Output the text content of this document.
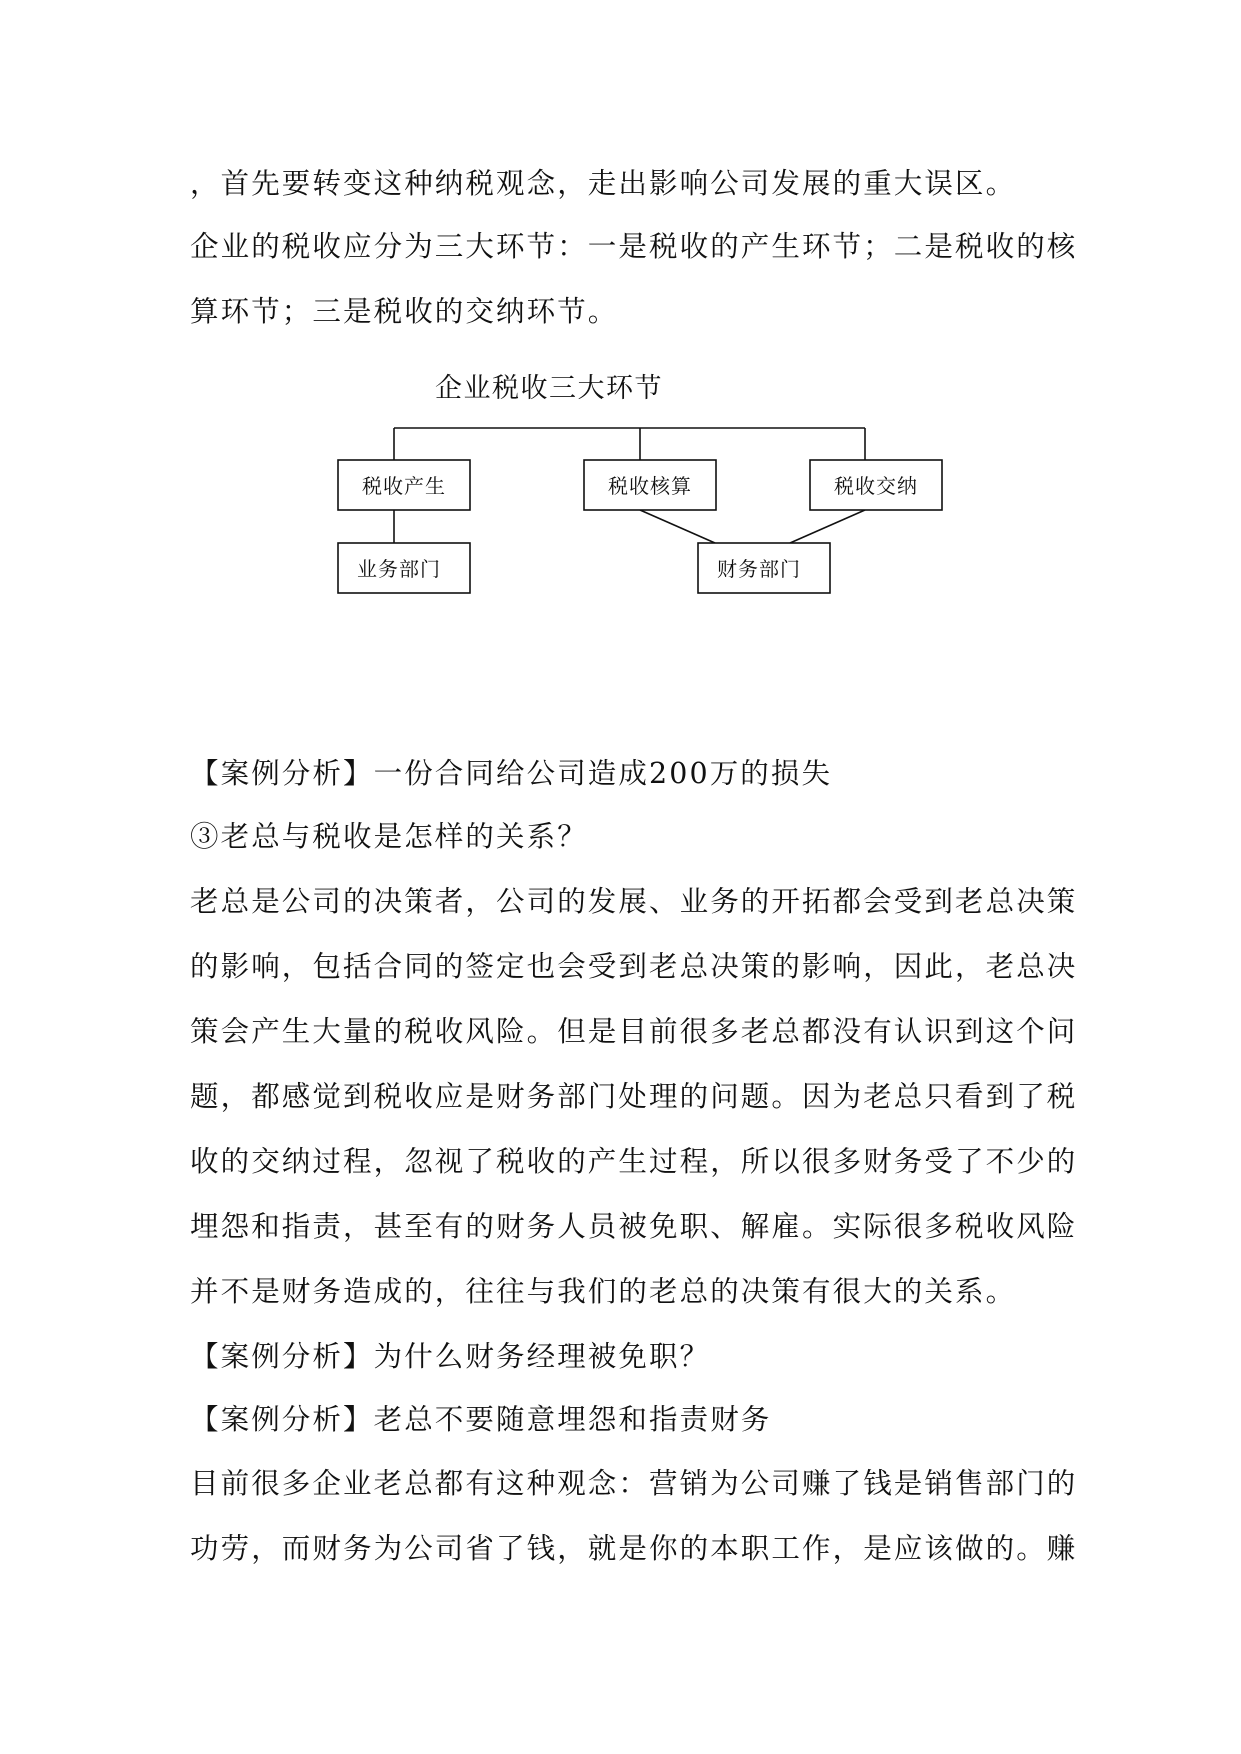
，首先要转变这种纳税观念，走出影响公司发展的重大误区。
企业的税收应分为三大环节：一是税收的产生环节；二是税收的核
算环节；三是税收的交纳环节。
企业税收三大环节
税收产生	税收核算	税收交纳
业务部门	财务部门
【案例分析】一份合同给公司造成200万的损失
③老总与税收是怎样的关系？
老总是公司的决策者，公司的发展、业务的开拓都会受到老总决策
的影响，包括合同的签定也会受到老总决策的影响，因此，老总决
策会产生大量的税收风险。但是目前很多老总都没有认识到这个问
题，都感觉到税收应是财务部门处理的问题。因为老总只看到了税
收的交纳过程，忽视了税收的产生过程，所以很多财务受了不少的
埋怨和指责，甚至有的财务人员被免职、解雇。实际很多税收风险
并不是财务造成的，往往与我们的老总的决策有很大的关系。
【案例分析】为什么财务经理被免职？
【案例分析】老总不要随意埋怨和指责财务
目前很多企业老总都有这种观念：营销为公司赚了钱是销售部门的
功劳，而财务为公司省了钱，就是你的本职工作，是应该做的。赚
